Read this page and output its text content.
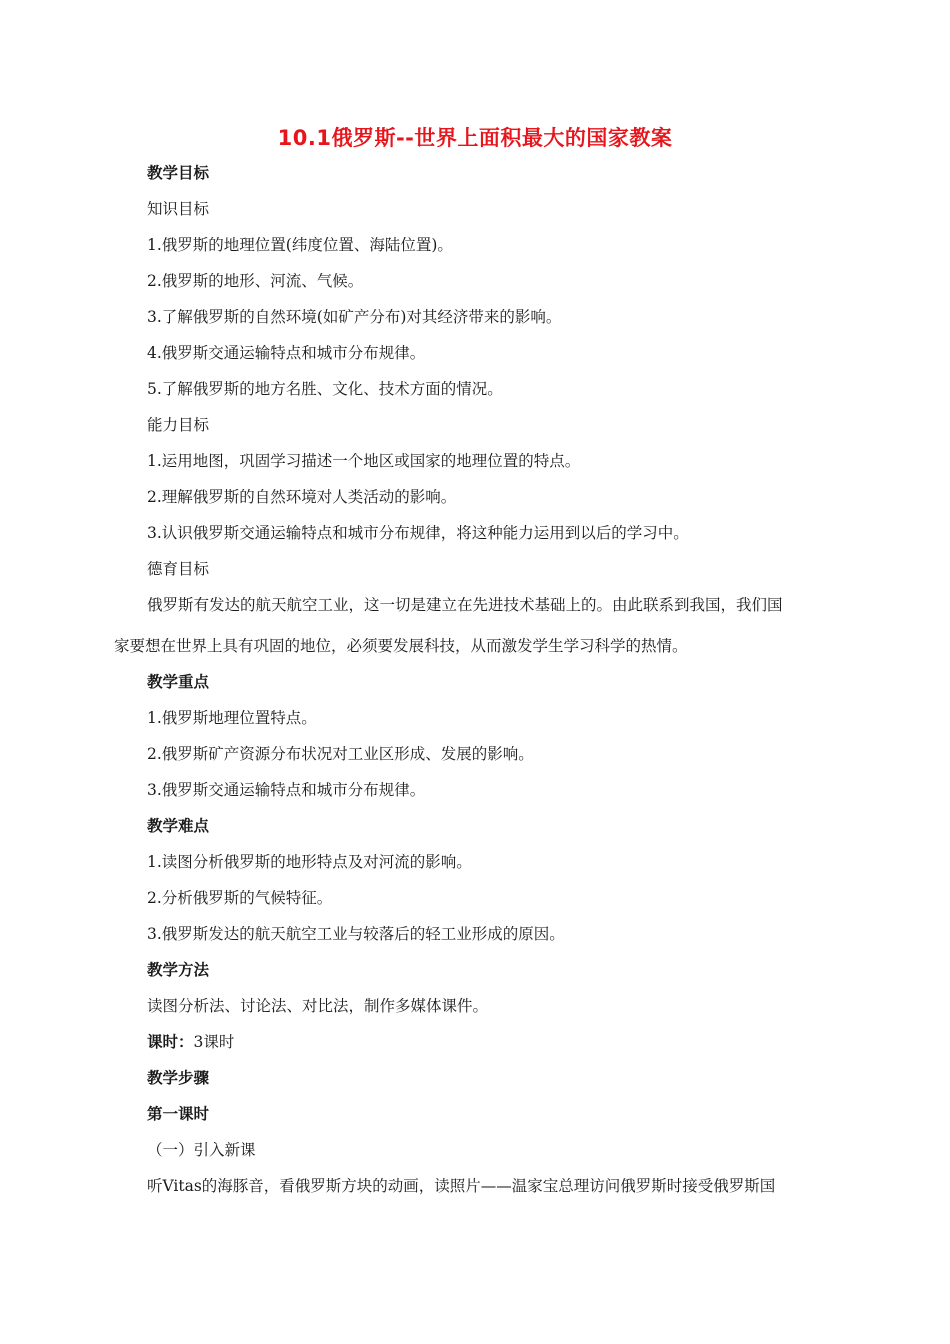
10.1俄罗斯--世界上面积最大的国家教案
教学目标
知识目标
1.俄罗斯的地理位置(纬度位置、海陆位置)。
2.俄罗斯的地形、河流、气候。
3.了解俄罗斯的自然环境(如矿产分布)对其经济带来的影响。
4.俄罗斯交通运输特点和城市分布规律。
5.了解俄罗斯的地方名胜、文化、技术方面的情况。
能力目标
1.运用地图，巩固学习描述一个地区或国家的地理位置的特点。
2.理解俄罗斯的自然环境对人类活动的影响。
3.认识俄罗斯交通运输特点和城市分布规律，将这种能力运用到以后的学习中。
德育目标
俄罗斯有发达的航天航空工业，这一切是建立在先进技术基础上的。由此联系到我国，我们国
家要想在世界上具有巩固的地位，必须要发展科技，从而激发学生学习科学的热情。
教学重点
1.俄罗斯地理位置特点。
2.俄罗斯矿产资源分布状况对工业区形成、发展的影响。
3.俄罗斯交通运输特点和城市分布规律。
教学难点
1.读图分析俄罗斯的地形特点及对河流的影响。
2.分析俄罗斯的气候特征。
3.俄罗斯发达的航天航空工业与较落后的轻工业形成的原因。
教学方法
读图分析法、讨论法、对比法，制作多媒体课件。
课时：3课时
教学步骤
第一课时
（一）引入新课
听Vitas的海豚音，看俄罗斯方块的动画，读照片——温家宝总理访问俄罗斯时接受俄罗斯国
